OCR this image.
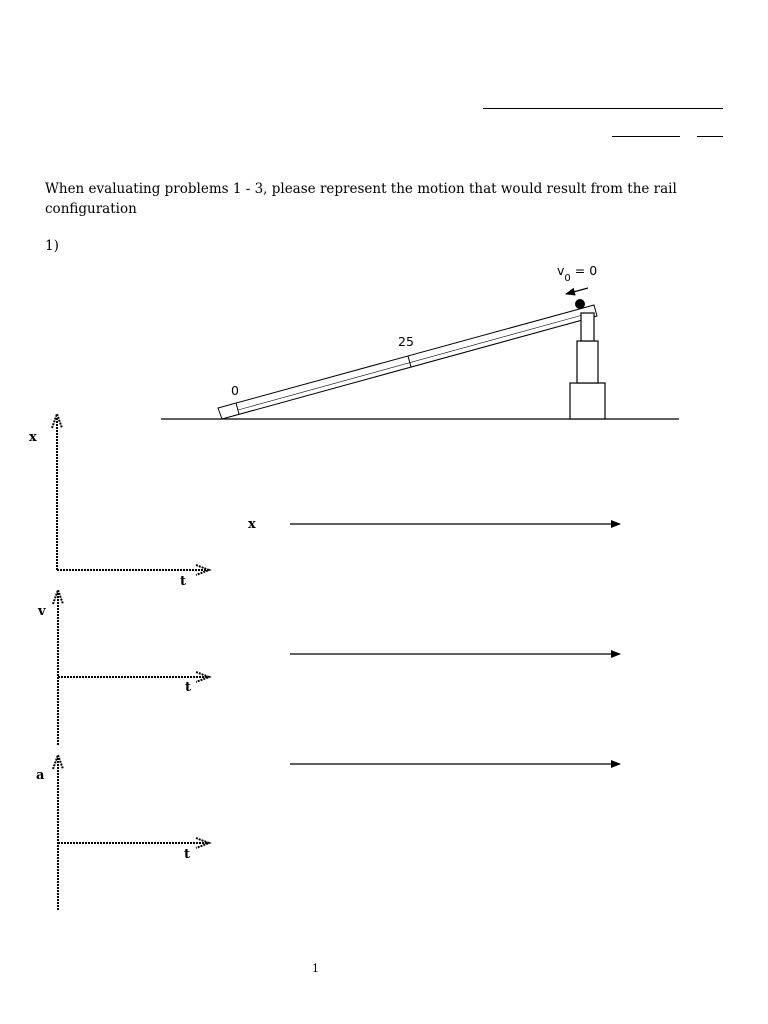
When evaluating problems 1 - 3, please represent the motion that would result from the rail configuration
1)
$v_0 = 0$
0
25
x
t
v
t
a
t
x
1
